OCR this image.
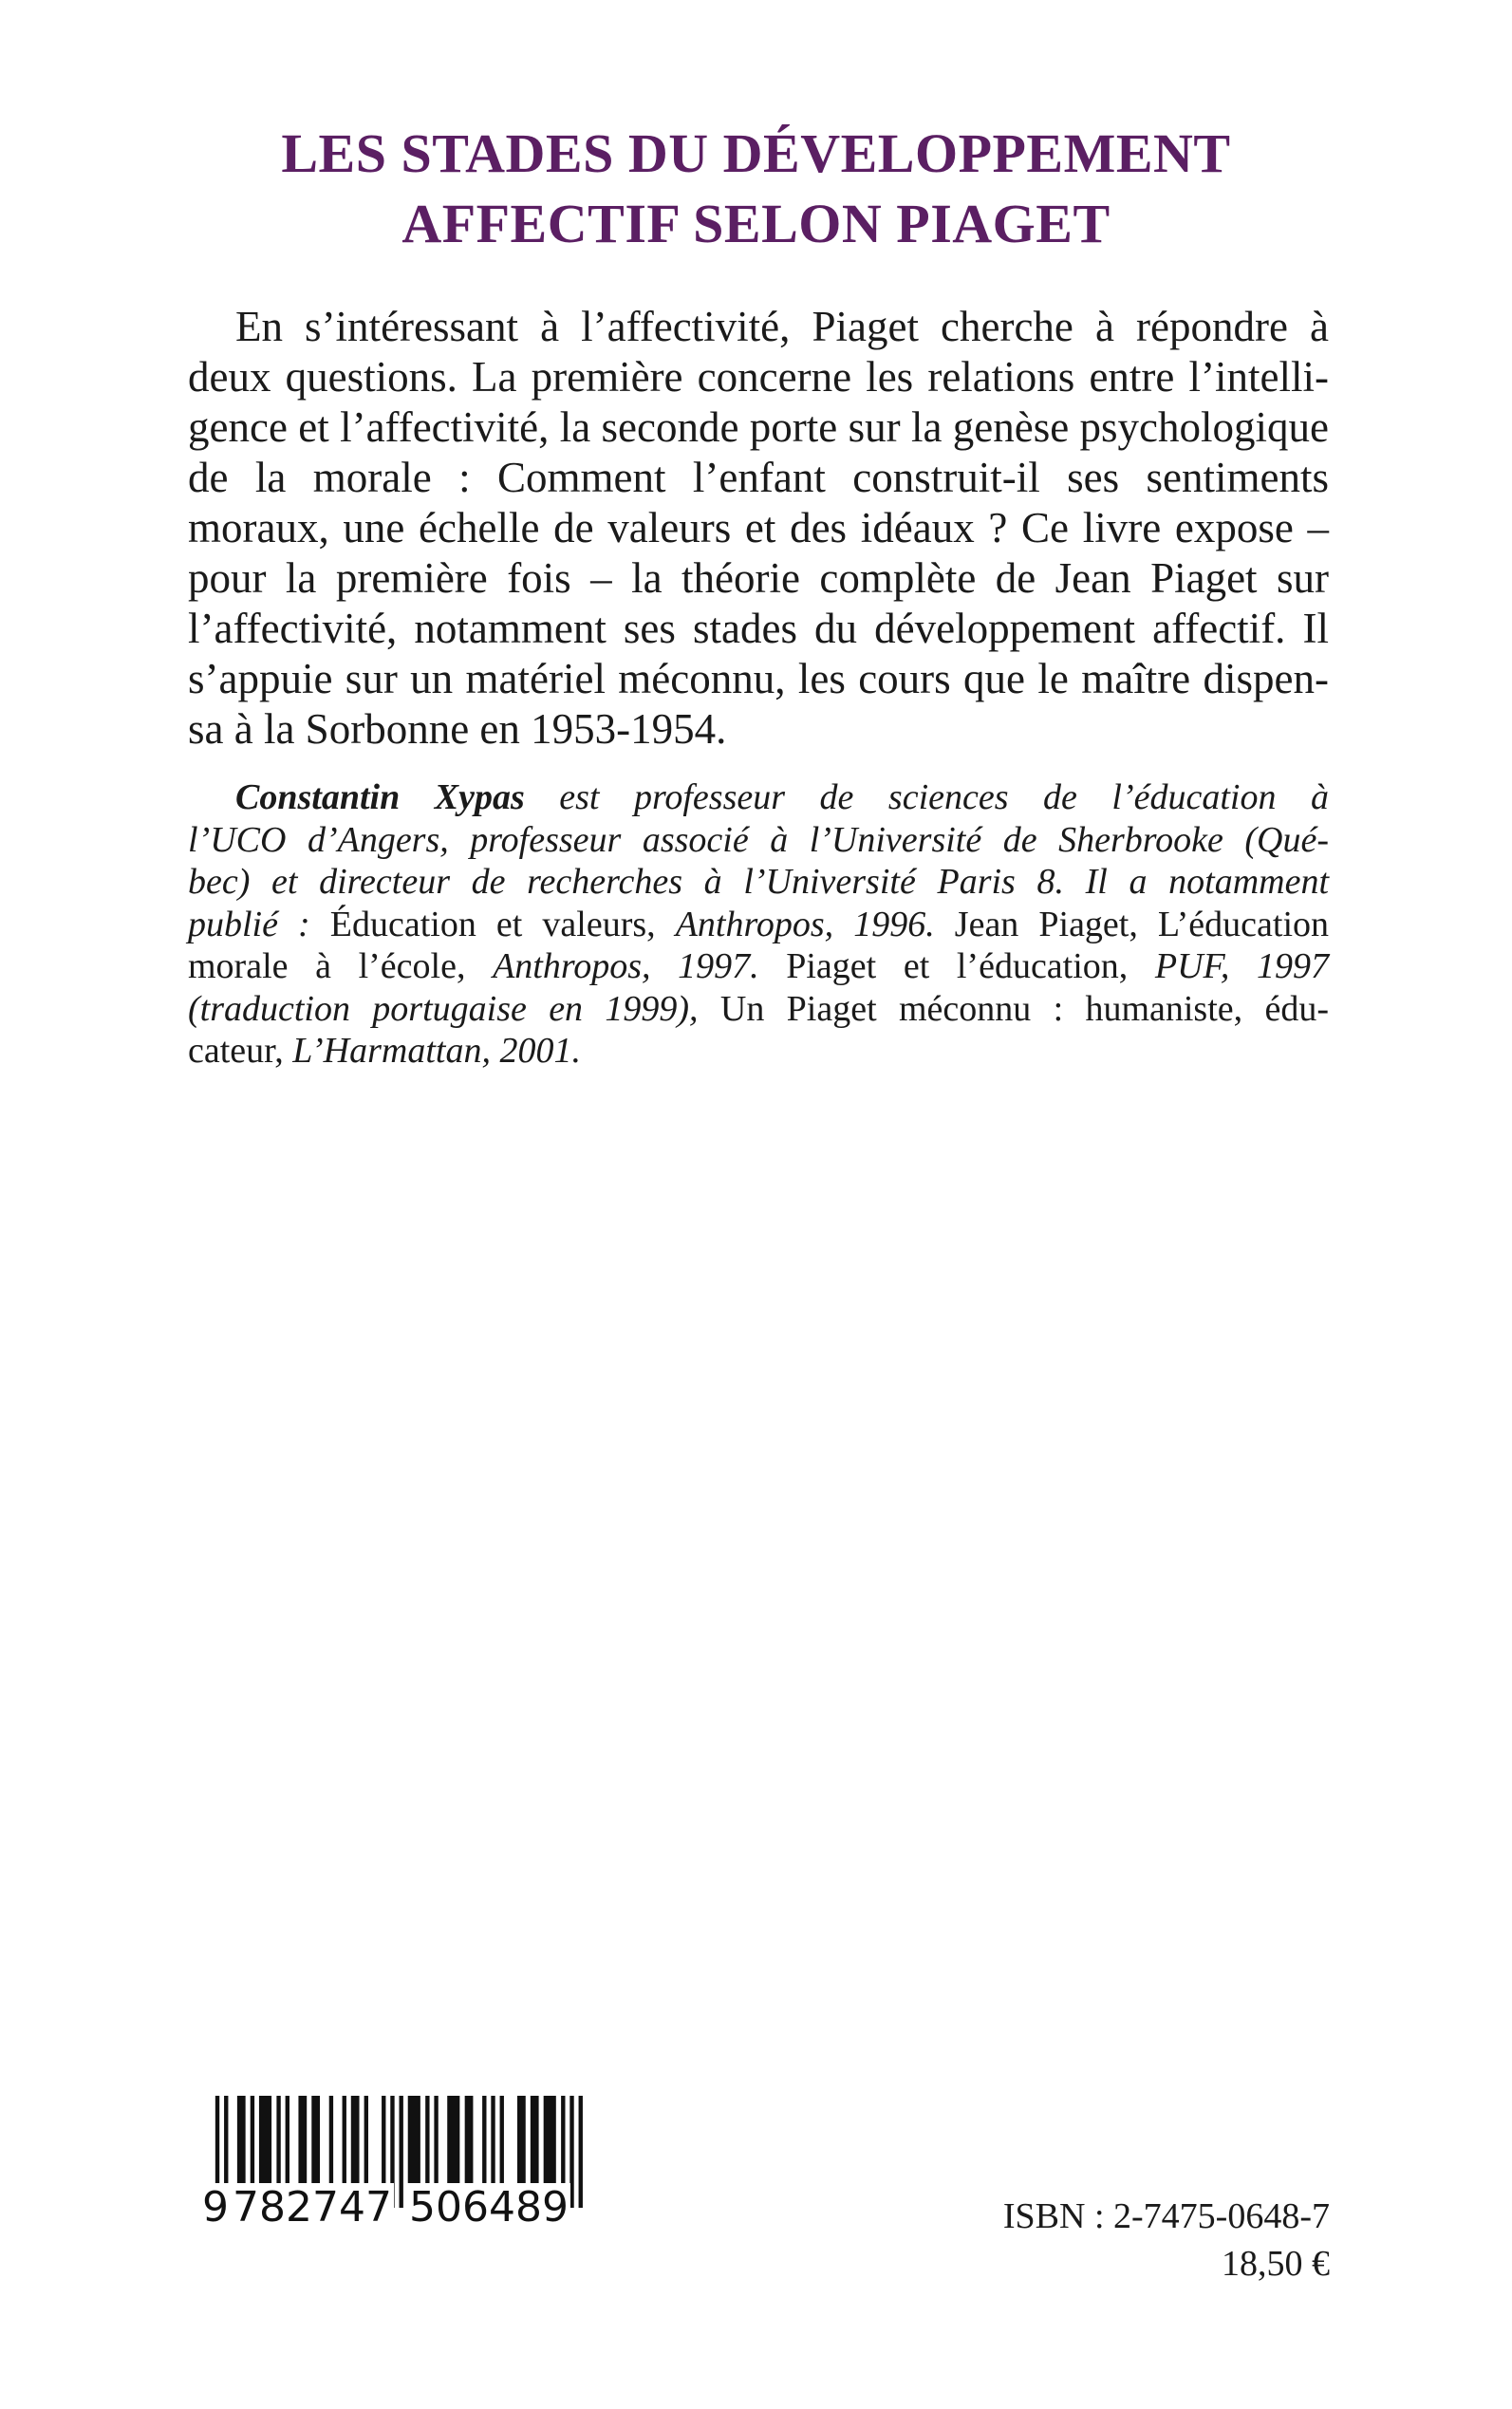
LES STADES DU DÉVELOPPEMENT
AFFECTIF SELON PIAGET
En s’intéressant à l’affectivité, Piaget cherche à répondre à
deux questions. La première concerne les relations entre l’intelli-
gence et l’affectivité, la seconde porte sur la genèse psychologique
de la morale : Comment l’enfant construit-il ses sentiments
moraux, une échelle de valeurs et des idéaux ? Ce livre expose –
pour la première fois – la théorie complète de Jean Piaget sur
l’affectivité, notamment ses stades du développement affectif. Il
s’appuie sur un matériel méconnu, les cours que le maître dispen-
sa à la Sorbonne en 1953-1954.
Constantin Xypas est professeur de sciences de l’éducation à
l’UCO d’Angers, professeur associé à l’Université de Sherbrooke (Qué-
bec) et directeur de recherches à l’Université Paris 8. Il a notamment
publié : Éducation et valeurs, Anthropos, 1996. Jean Piaget, L’éducation
morale à l’école, Anthropos, 1997. Piaget et l’éducation, PUF, 1997
(traduction portugaise en 1999), Un Piaget méconnu : humaniste, édu-
cateur, L’Harmattan, 2001.
9 782747 506489	ISBN : 2-7475-0648-7
18,50 €
